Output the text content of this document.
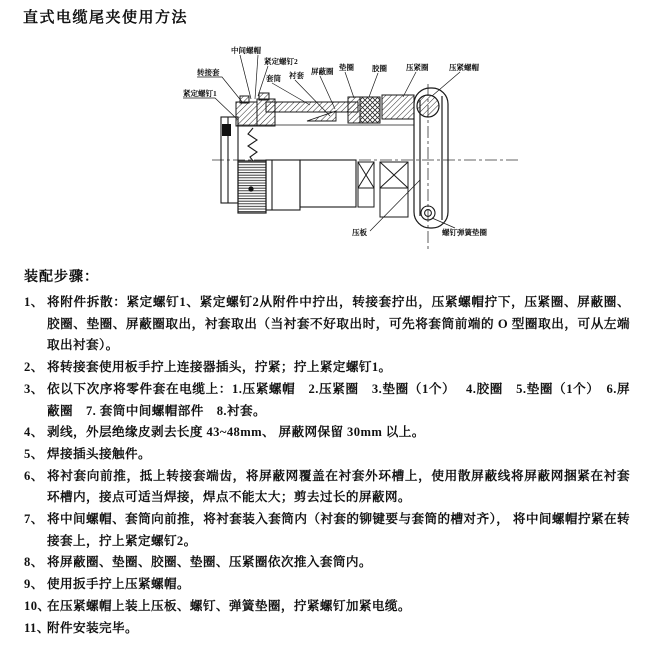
直式电缆尾夹使用方法
中间螺帽
紧定螺钉2
转接套
紧定螺钉1
套筒 衬套 屏蔽圈 垫圈 胶圈	压紧圈	压紧螺帽
压板	螺钉弹簧垫圈
装配步骤：
1、 将附件拆散：紧定螺钉1、紧定螺钉2从附件中拧出，转接套拧出，压紧螺帽拧下，压紧圈、屏蔽圈、胶圈、垫圈、屏蔽圈取出，衬套取出（当衬套不好取出时，可先将套筒前端的 O 型圈取出，可从左端取出衬套）。
2、 将转接套使用板手拧上连接器插头，拧紧；拧上紧定螺钉1。
3、 依以下次序将零件套在电缆上：1.压紧螺帽　2.压紧圈　3.垫圈（1个）　 4.胶圈　5.垫圈（1个）　6.屏蔽圈　7. 套筒中间螺帽部件　8.衬套。
4、 剥线，外层绝缘皮剥去长度 43~48mm、 屏蔽网保留 30mm 以上。
5、 焊接插头接触件。
6、 将衬套向前推，抵上转接套端齿，将屏蔽网覆盖在衬套外环槽上，使用散屏蔽线将屏蔽网捆紧在衬套环槽内，接点可适当焊接，焊点不能太大；剪去过长的屏蔽网。
7、 将中间螺帽、套筒向前推，将衬套装入套筒内（衬套的铆键要与套筒的槽对齐）， 将中间螺帽拧紧在转接套上，拧上紧定螺钉2。
8、 将屏蔽圈、垫圈、胶圈、垫圈、压紧圈依次推入套筒内。
9、 使用扳手拧上压紧螺帽。
10、
在压紧螺帽上装上压板、螺钉、弹簧垫圈，拧紧螺钉加紧电缆。
11、
附件安装完毕。
